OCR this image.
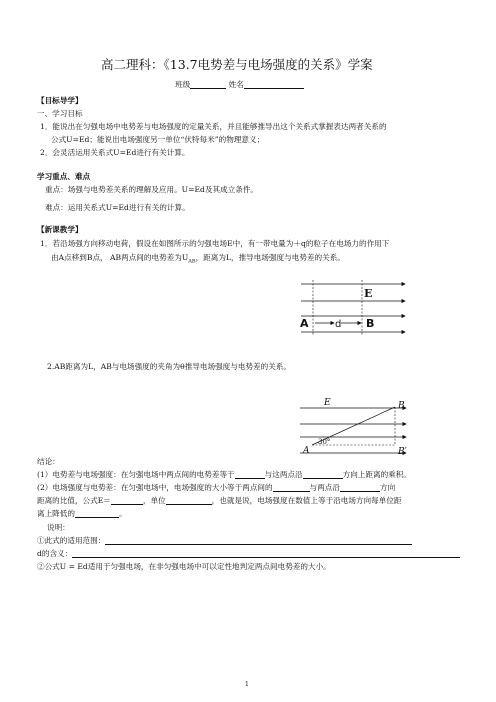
高二理科：《13.7电势差与电场强度的关系》学案
班级	姓名
【目标导学】
一、学习目标
1．能说出在匀强电场中电势差与电场强度的定量关系，并且能够推导出这个关系式掌握表达两者关系的
公式U=Ed；能说出电场强度另一单位“伏特每米”的物理意义；
2．会灵活运用关系式U=Ed进行有关计算。
学习重点、难点
重点：场强与电势差关系的理解及应用。U=Ed及其成立条件。
难点：运用关系式U=Ed进行有关的计算。
【新课教学】
1．若沿场强方向移动电荷，假设在如图所示的匀强电场E中，有一带电量为＋q的粒子在电场力的作用下
由A点移到B点， AB两点间的电势差为$U_{AB}$，距离为L，推导电场强度与电势差的关系。
E
A	d B
2.AB距离为L，AB与电场强度的夹角为θ推导电场强度与电势差的关系。
E
A
B
B′
30°
结论：
(1）电势差与电场强度：在匀强电场中两点间的电势差等于	与这两点沿	方向上距离的乘积。
(2）电场强度与电势差：在匀强电场中，电场强度的大小等于两点间的	与两点沿	方向
距离的比值，公式E＝	，单位	，也就是说，电场强度在数值上等于沿电场方向每单位距
离上降低的	。
说明：
①此式的适用范围：
d的含义：
②公式U = Ed适用于匀强电场，在非匀强电场中可以定性地判定两点间电势差的大小。
1
